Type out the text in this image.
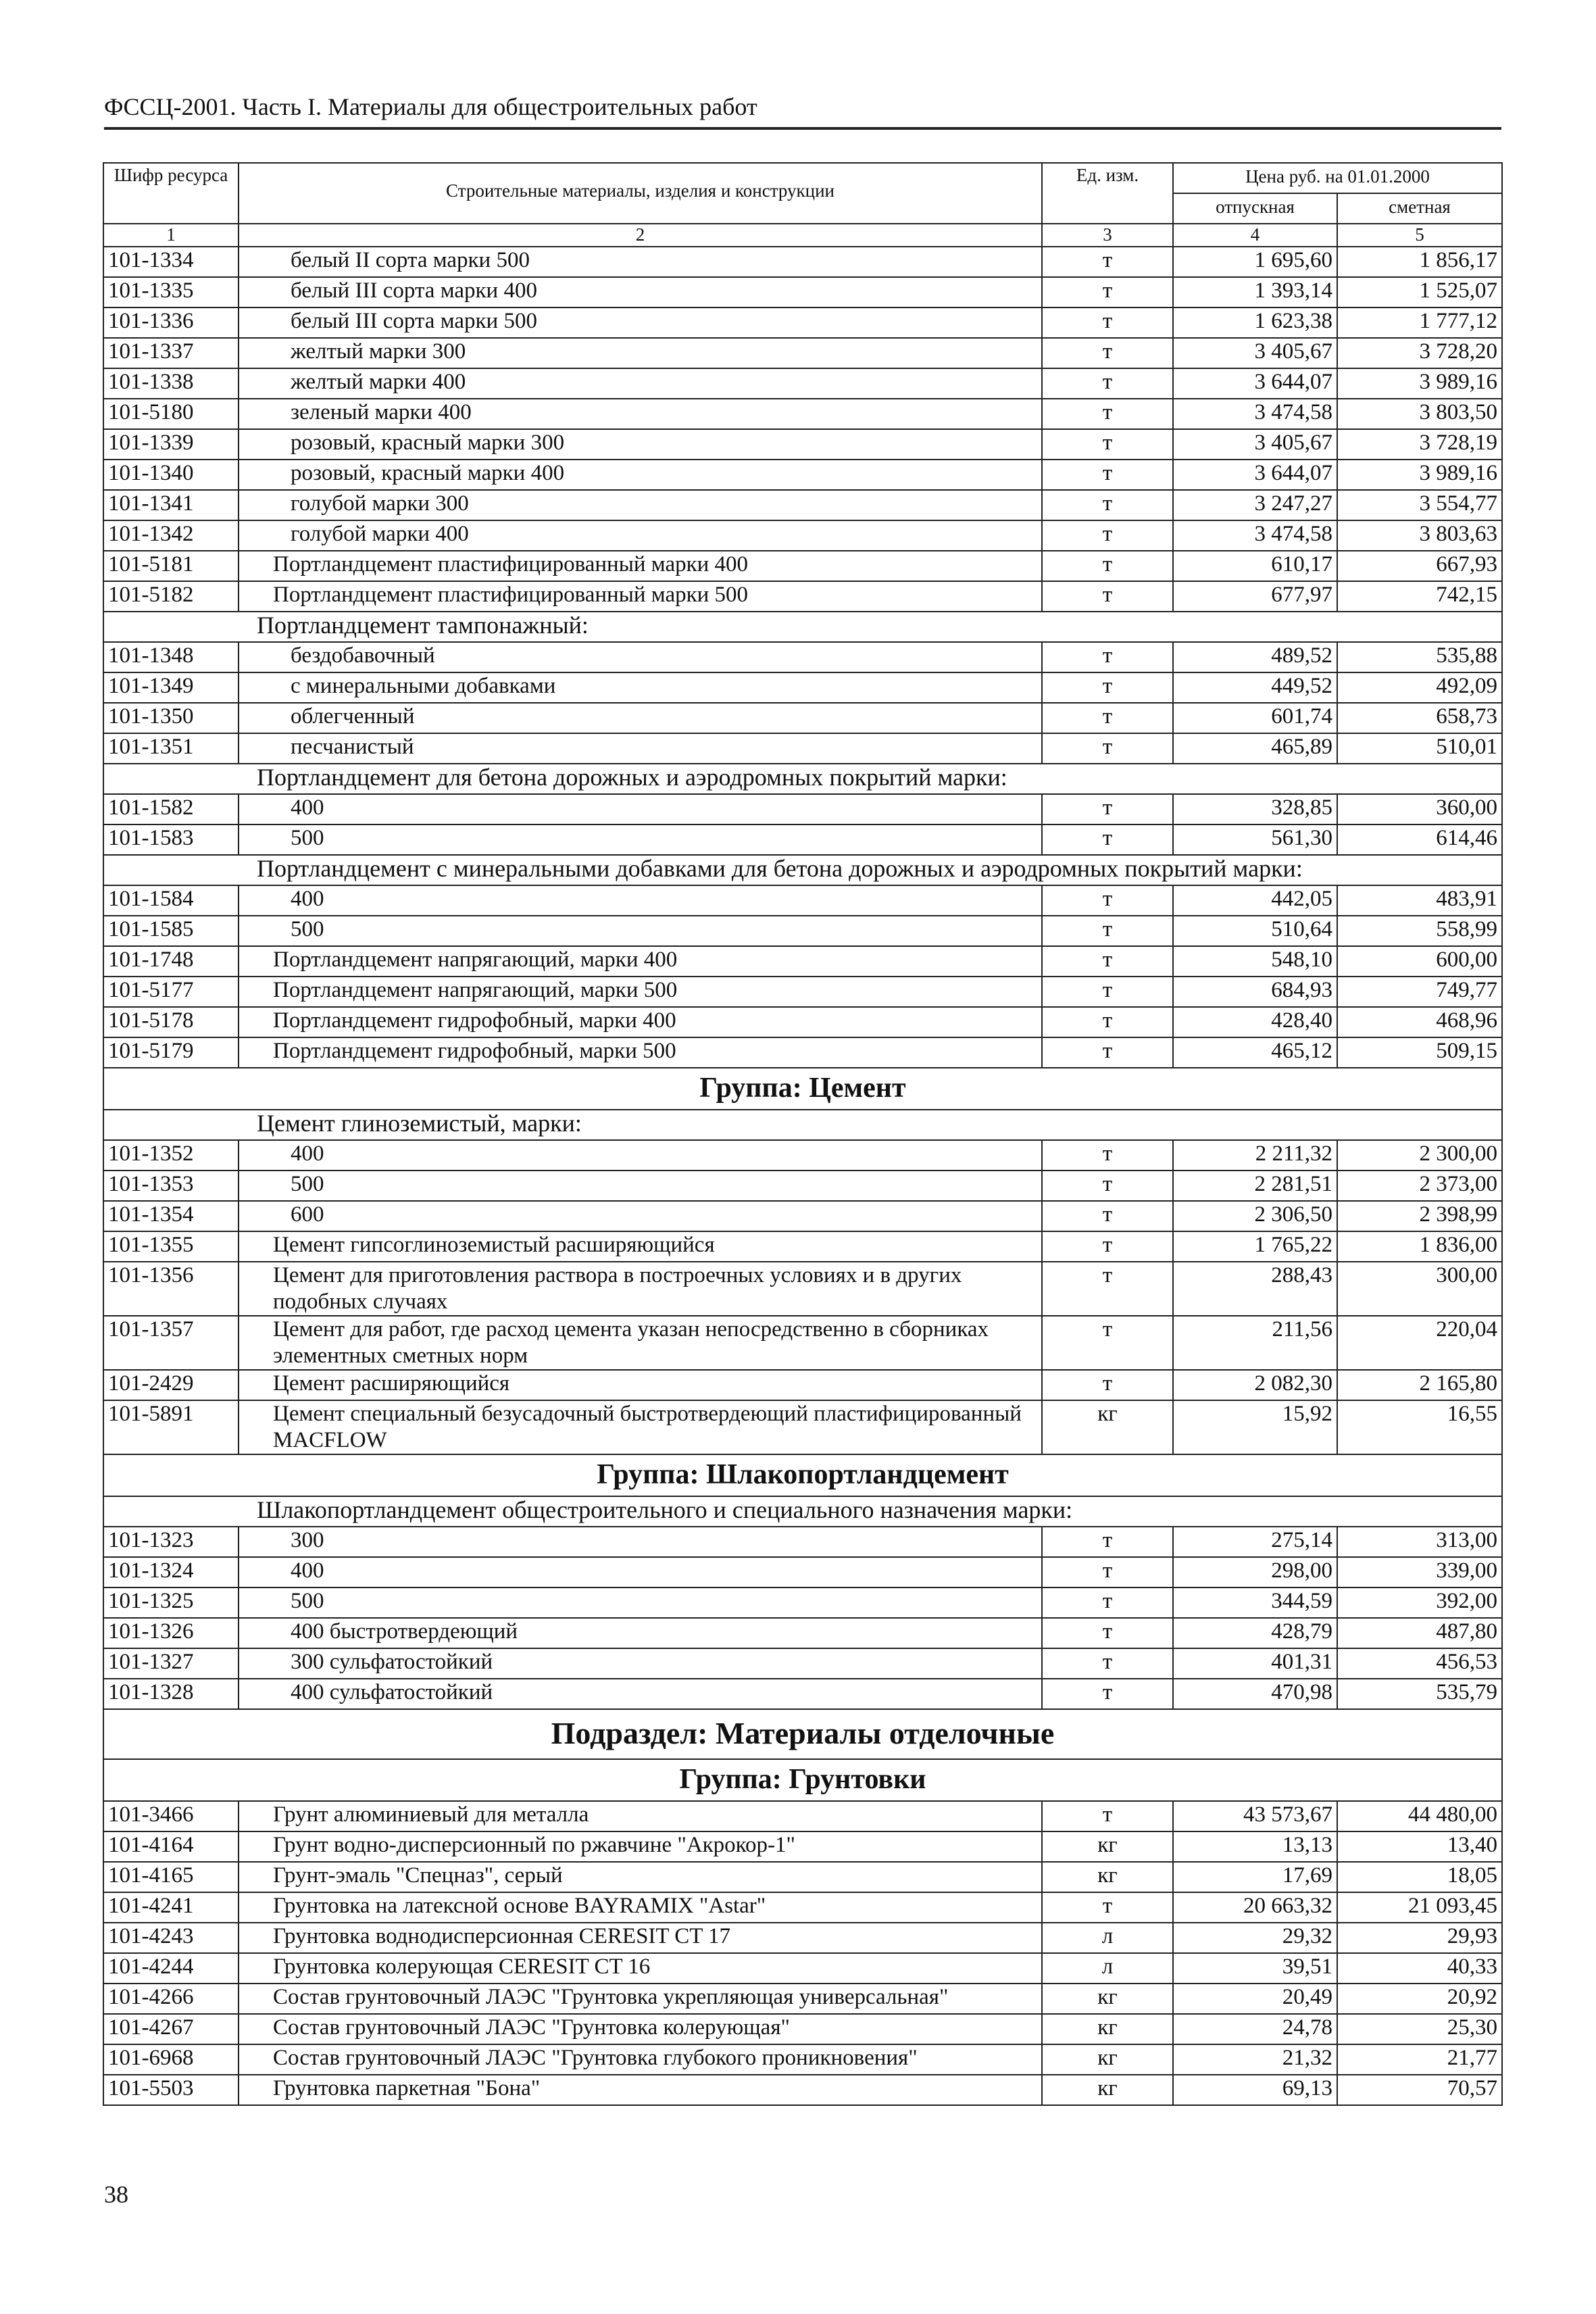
ФССЦ-2001. Часть I. Материалы для общестроительных работ
Шифр ресурса	Строительные материалы, изделия и конструкции	Ед. изм.	Цена руб. на 01.01.2000	
			отпускная	сметная
1	2	3	4	5
101-1334	белый II сорта марки 500	т	1 695,60	1 856,17
101-1335	белый III сорта марки 400	т	1 393,14	1 525,07
101-1336	белый III сорта марки 500	т	1 623,38	1 777,12
101-1337	желтый марки 300	т	3 405,67	3 728,20
101-1338	желтый марки 400	т	3 644,07	3 989,16
101-5180	зеленый марки 400	т	3 474,58	3 803,50
101-1339	розовый, красный марки 300	т	3 405,67	3 728,19
101-1340	розовый, красный марки 400	т	3 644,07	3 989,16
101-1341	голубой марки 300	т	3 247,27	3 554,77
101-1342	голубой марки 400	т	3 474,58	3 803,63
101-5181	Портландцемент пластифицированный марки 400	т	610,17	667,93
101-5182	Портландцемент пластифицированный марки 500	т	677,97	742,15
Портландцемент тампонажный:				
101-1348	бездобавочный	т	489,52	535,88
101-1349	с минеральными добавками	т	449,52	492,09
101-1350	облегченный	т	601,74	658,73
101-1351	песчанистый	т	465,89	510,01
Портландцемент для бетона дорожных и аэродромных покрытий марки:				
101-1582	400	т	328,85	360,00
101-1583	500	т	561,30	614,46
Портландцемент с минеральными добавками для бетона дорожных и аэродромных покрытий марки:				
101-1584	400	т	442,05	483,91
101-1585	500	т	510,64	558,99
101-1748	Портландцемент напрягающий, марки 400	т	548,10	600,00
101-5177	Портландцемент напрягающий, марки 500	т	684,93	749,77
101-5178	Портландцемент гидрофобный, марки 400	т	428,40	468,96
101-5179	Портландцемент гидрофобный, марки 500	т	465,12	509,15
Группа: Цемент				
Цемент глиноземистый, марки:				
101-1352	400	т	2 211,32	2 300,00
101-1353	500	т	2 281,51	2 373,00
101-1354	600	т	2 306,50	2 398,99
101-1355	Цемент гипсоглиноземистый расширяющийся	т	1 765,22	1 836,00
101-1356	Цемент для приготовления раствора в построечных условиях и в других подобных случаях	т	288,43	300,00
101-1357	Цемент для работ, где расход цемента указан непосредственно в сборниках элементных сметных норм	т	211,56	220,04
101-2429	Цемент расширяющийся	т	2 082,30	2 165,80
101-5891	Цемент специальный безусадочный быстротвердеющий пластифицированный MACFLOW	кг	15,92	16,55
Группа: Шлакопортландцемент				
Шлакопортландцемент общестроительного и специального назначения марки:				
101-1323	300	т	275,14	313,00
101-1324	400	т	298,00	339,00
101-1325	500	т	344,59	392,00
101-1326	400 быстротвердеющий	т	428,79	487,80
101-1327	300 сульфатостойкий	т	401,31	456,53
101-1328	400 сульфатостойкий	т	470,98	535,79
Подраздел: Материалы отделочные				
Группа: Грунтовки				
101-3466	Грунт алюминиевый для металла	т	43 573,67	44 480,00
101-4164	Грунт водно-дисперсионный по ржавчине "Акрокор-1"	кг	13,13	13,40
101-4165	Грунт-эмаль "Спецназ", серый	кг	17,69	18,05
101-4241	Грунтовка на латексной основе BAYRAMIX "Astar"	т	20 663,32	21 093,45
101-4243	Грунтовка воднодисперсионная CERESIT CT 17	л	29,32	29,93
101-4244	Грунтовка колерующая CERESIT CT 16	л	39,51	40,33
101-4266	Состав грунтовочный ЛАЭС "Грунтовка укрепляющая универсальная"	кг	20,49	20,92
101-4267	Состав грунтовочный ЛАЭС "Грунтовка колерующая"	кг	24,78	25,30
101-6968	Состав грунтовочный ЛАЭС "Грунтовка глубокого проникновения"	кг	21,32	21,77
101-5503	Грунтовка паркетная "Бона"	кг	69,13	70,57
38
